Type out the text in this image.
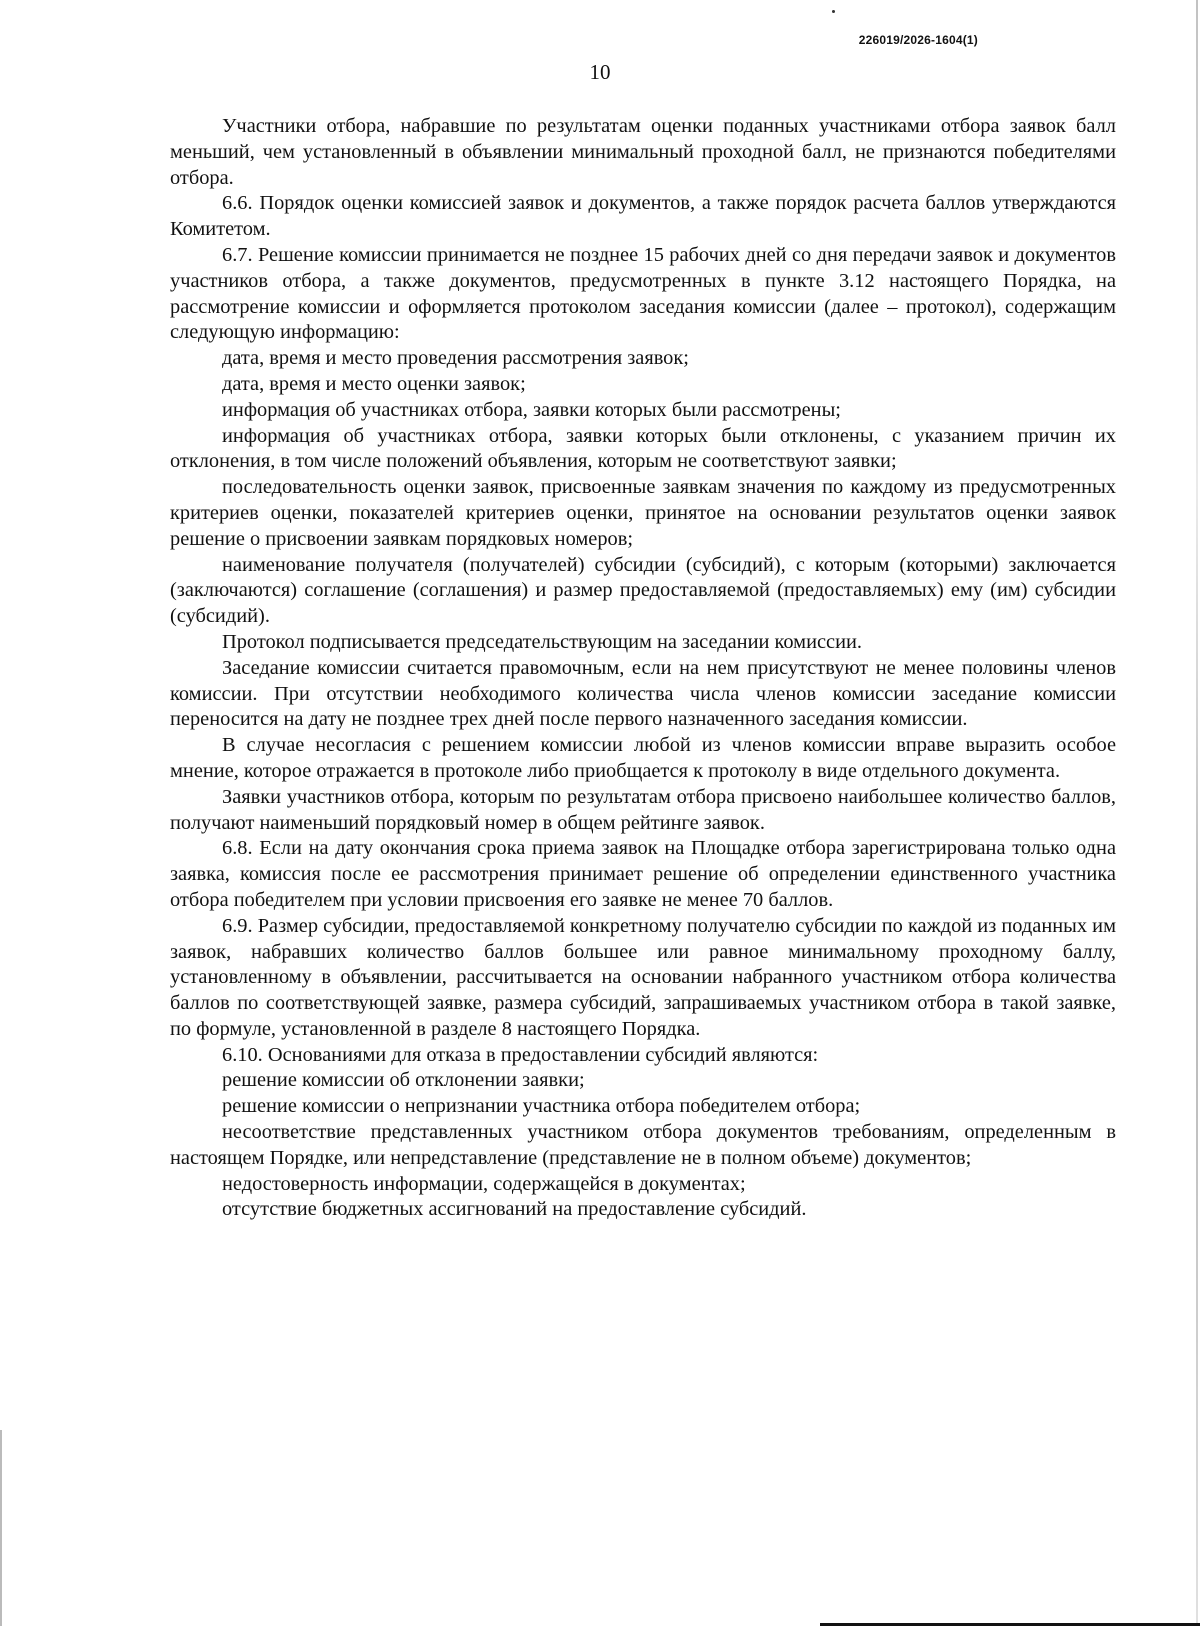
226019/2026-1604(1)
10

Участники отбора, набравшие по результатам оценки поданных участниками отбора заявок балл меньший, чем установленный в объявлении минимальный проходной балл, не признаются победителями отбора.

6.6. Порядок оценки комиссией заявок и документов, а также порядок расчета баллов утверждаются Комитетом.

6.7. Решение комиссии принимается не позднее 15 рабочих дней со дня передачи заявок и документов участников отбора, а также документов, предусмотренных в пункте 3.12 настоящего Порядка, на рассмотрение комиссии и оформляется протоколом заседания комиссии (далее – протокол), содержащим следующую информацию:

дата, время и место проведения рассмотрения заявок;

дата, время и место оценки заявок;

информация об участниках отбора, заявки которых были рассмотрены;

информация об участниках отбора, заявки которых были отклонены, с указанием причин их отклонения, в том числе положений объявления, которым не соответствуют заявки;

последовательность оценки заявок, присвоенные заявкам значения по каждому из предусмотренных критериев оценки, показателей критериев оценки, принятое на основании результатов оценки заявок решение о присвоении заявкам порядковых номеров;

наименование получателя (получателей) субсидии (субсидий), с которым (которыми) заключается (заключаются) соглашение (соглашения) и размер предоставляемой (предоставляемых) ему (им) субсидии (субсидий).

Протокол подписывается председательствующим на заседании комиссии.

Заседание комиссии считается правомочным, если на нем присутствуют не менее половины членов комиссии. При отсутствии необходимого количества числа членов комиссии заседание комиссии переносится на дату не позднее трех дней после первого назначенного заседания комиссии.

В случае несогласия с решением комиссии любой из членов комиссии вправе выразить особое мнение, которое отражается в протоколе либо приобщается к протоколу в виде отдельного документа.

Заявки участников отбора, которым по результатам отбора присвоено наибольшее количество баллов, получают наименьший порядковый номер в общем рейтинге заявок.

6.8. Если на дату окончания срока приема заявок на Площадке отбора зарегистрирована только одна заявка, комиссия после ее рассмотрения принимает решение об определении единственного участника отбора победителем при условии присвоения его заявке не менее 70 баллов.

6.9. Размер субсидии, предоставляемой конкретному получателю субсидии по каждой из поданных им заявок, набравших количество баллов большее или равное минимальному проходному баллу, установленному в объявлении, рассчитывается на основании набранного участником отбора количества баллов по соответствующей заявке, размера субсидий, запрашиваемых участником отбора в такой заявке, по формуле, установленной в разделе 8 настоящего Порядка.

6.10. Основаниями для отказа в предоставлении субсидий являются:

решение комиссии об отклонении заявки;

решение комиссии о непризнании участника отбора победителем отбора;

несоответствие представленных участником отбора документов требованиям, определенным в настоящем Порядке, или непредставление (представление не в полном объеме) документов;

недостоверность информации, содержащейся в документах;

отсутствие бюджетных ассигнований на предоставление субсидий.
